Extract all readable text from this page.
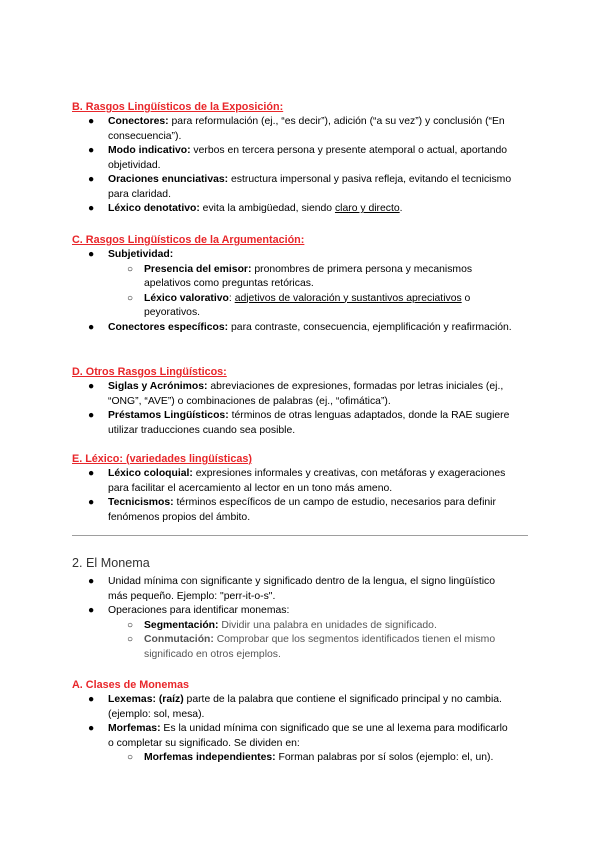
B. Rasgos Lingüísticos de la Exposición:
● Conectores: para reformulación (ej., “es decir”), adición (“a su vez”) y conclusión (“En consecuencia”).
● Modo indicativo: verbos en tercera persona y presente atemporal o actual, aportando objetividad.
● Oraciones enunciativas: estructura impersonal y pasiva refleja, evitando el tecnicismo para claridad.
● Léxico denotativo: evita la ambigüedad, siendo claro y directo.
C. Rasgos Lingüísticos de la Argumentación:
● Subjetividad:
○ Presencia del emisor: pronombres de primera persona y mecanismos apelativos como preguntas retóricas.
○ Léxico valorativo: adjetivos de valoración y sustantivos apreciativos o peyorativos.
● Conectores específicos: para contraste, consecuencia, ejemplificación y reafirmación.
D. Otros Rasgos Lingüísticos:
● Siglas y Acrónimos: abreviaciones de expresiones, formadas por letras iniciales (ej., “ONG”, “AVE”) o combinaciones de palabras (ej., “ofimática”).
● Préstamos Lingüísticos: términos de otras lenguas adaptados, donde la RAE sugiere utilizar traducciones cuando sea posible.
E. Léxico: (variedades lingüísticas)
● Léxico coloquial: expresiones informales y creativas, con metáforas y exageraciones para facilitar el acercamiento al lector en un tono más ameno.
● Tecnicismos: términos específicos de un campo de estudio, necesarios para definir fenómenos propios del ámbito.
2. El Monema
● Unidad mínima con significante y significado dentro de la lengua, el signo lingüístico más pequeño. Ejemplo: "perr-it-o-s".
● Operaciones para identificar monemas:
○ Segmentación: Dividir una palabra en unidades de significado.
○ Conmutación: Comprobar que los segmentos identificados tienen el mismo significado en otros ejemplos.
A. Clases de Monemas
● Lexemas: (raíz) parte de la palabra que contiene el significado principal y no cambia. (ejemplo: sol, mesa).
● Morfemas: Es la unidad mínima con significado que se une al lexema para modificarlo o completar su significado. Se dividen en:
○ Morfemas independientes: Forman palabras por sí solos (ejemplo: el, un).
